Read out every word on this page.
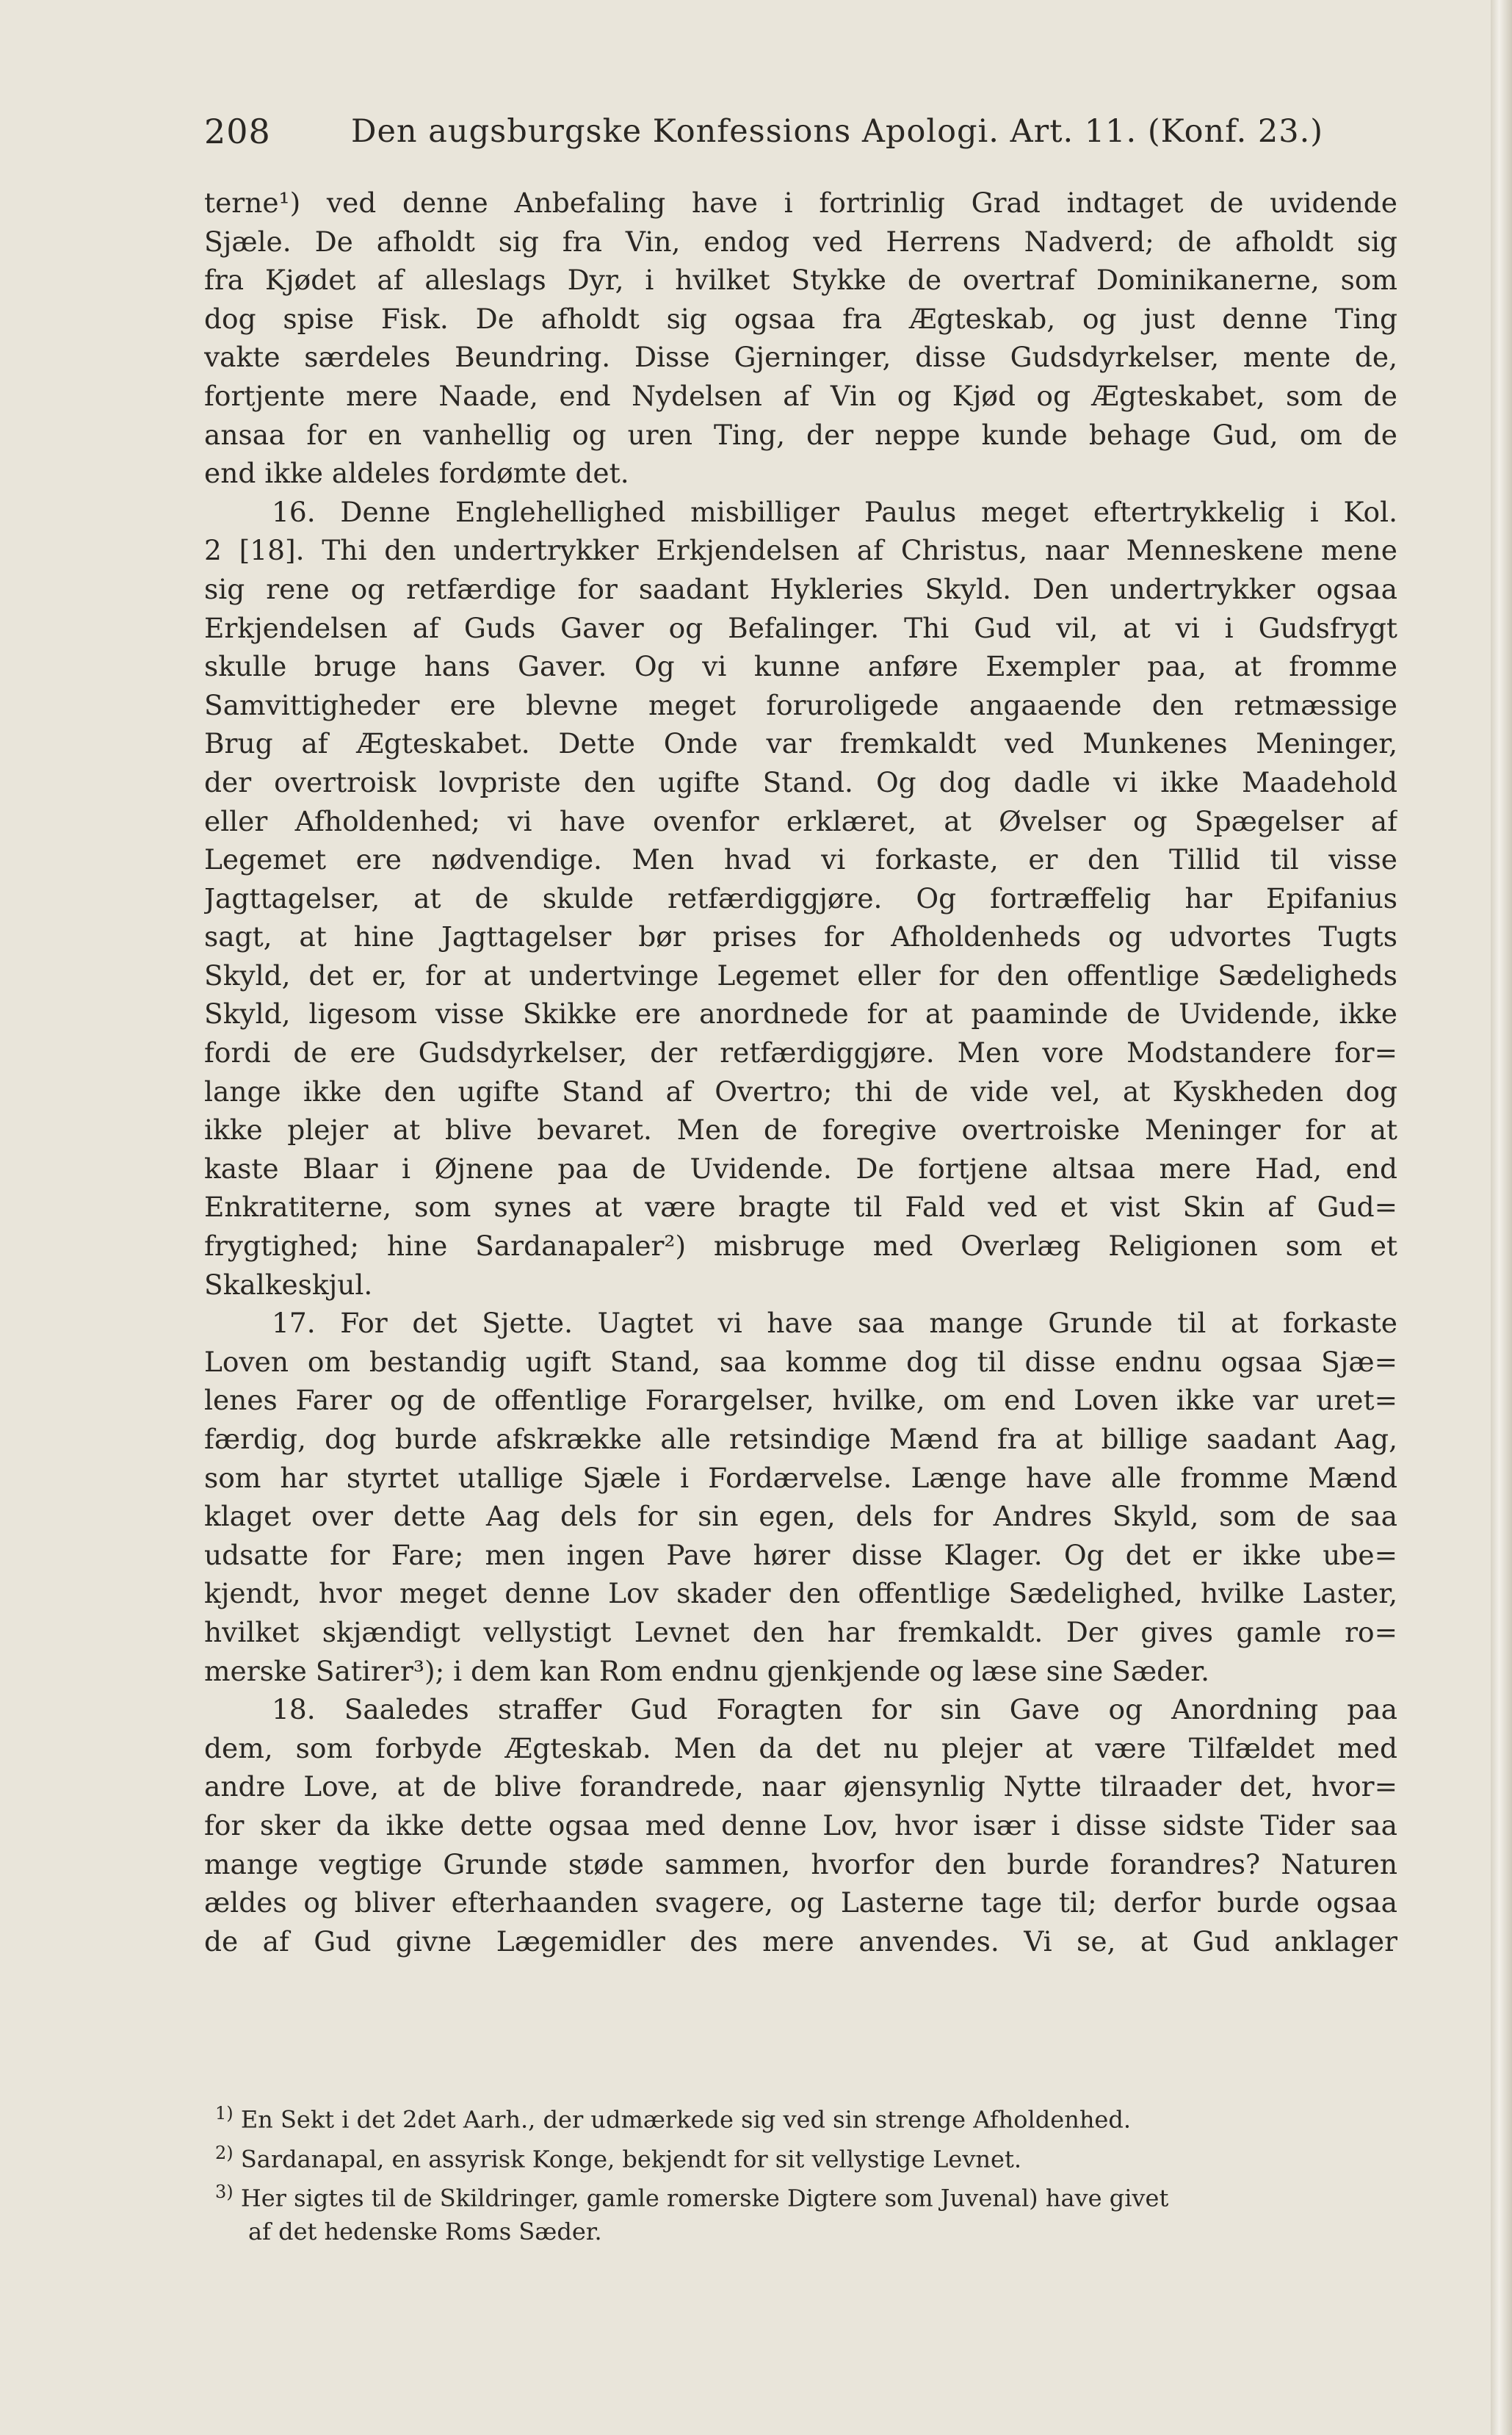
208	Den augsburgske Konfessions Apologi. Art. 11. (Konf. 23.)
terne¹) ved denne Anbefaling have i fortrinlig Grad indtaget de uvidende
Sjæle. De afholdt sig fra Vin, endog ved Herrens Nadverd; de afholdt sig
fra Kjødet af alleslags Dyr, i hvilket Stykke de overtraf Dominikanerne, som
dog spise Fisk. De afholdt sig ogsaa fra Ægteskab, og just denne Ting
vakte særdeles Beundring. Disse Gjerninger, disse Gudsdyrkelser, mente de,
fortjente mere Naade, end Nydelsen af Vin og Kjød og Ægteskabet, som de
ansaa for en vanhellig og uren Ting, der neppe kunde behage Gud, om de
end ikke aldeles fordømte det.
16. Denne Englehellighed misbilliger Paulus meget eftertrykkelig i Kol.
2 [18]. Thi den undertrykker Erkjendelsen af Christus, naar Menneskene mene
sig rene og retfærdige for saadant Hykleries Skyld. Den undertrykker ogsaa
Erkjendelsen af Guds Gaver og Befalinger. Thi Gud vil, at vi i Gudsfrygt
skulle bruge hans Gaver. Og vi kunne anføre Exempler paa, at fromme
Samvittigheder ere blevne meget foruroligede angaaende den retmæssige
Brug af Ægteskabet. Dette Onde var fremkaldt ved Munkenes Meninger,
der overtroisk lovpriste den ugifte Stand. Og dog dadle vi ikke Maadehold
eller Afholdenhed; vi have ovenfor erklæret, at Øvelser og Spægelser af
Legemet ere nødvendige. Men hvad vi forkaste, er den Tillid til visse
Jagttagelser, at de skulde retfærdiggjøre. Og fortræffelig har Epifanius
sagt, at hine Jagttagelser bør prises for Afholdenheds og udvortes Tugts
Skyld, det er, for at undertvinge Legemet eller for den offentlige Sædeligheds
Skyld, ligesom visse Skikke ere anordnede for at paaminde de Uvidende, ikke
fordi de ere Gudsdyrkelser, der retfærdiggjøre. Men vore Modstandere for=
lange ikke den ugifte Stand af Overtro; thi de vide vel, at Kyskheden dog
ikke plejer at blive bevaret. Men de foregive overtroiske Meninger for at
kaste Blaar i Øjnene paa de Uvidende. De fortjene altsaa mere Had, end
Enkratiterne, som synes at være bragte til Fald ved et vist Skin af Gud=
frygtighed; hine Sardanapaler²) misbruge med Overlæg Religionen som et
Skalkeskjul.
17. For det Sjette. Uagtet vi have saa mange Grunde til at forkaste
Loven om bestandig ugift Stand, saa komme dog til disse endnu ogsaa Sjæ=
lenes Farer og de offentlige Forargelser, hvilke, om end Loven ikke var uret=
færdig, dog burde afskrække alle retsindige Mænd fra at billige saadant Aag,
som har styrtet utallige Sjæle i Fordærvelse. Længe have alle fromme Mænd
klaget over dette Aag dels for sin egen, dels for Andres Skyld, som de saa
udsatte for Fare; men ingen Pave hører disse Klager. Og det er ikke ube=
kjendt, hvor meget denne Lov skader den offentlige Sædelighed, hvilke Laster,
hvilket skjændigt vellystigt Levnet den har fremkaldt. Der gives gamle ro=
merske Satirer³); i dem kan Rom endnu gjenkjende og læse sine Sæder.
18. Saaledes straffer Gud Foragten for sin Gave og Anordning paa
dem, som forbyde Ægteskab. Men da det nu plejer at være Tilfældet med
andre Love, at de blive forandrede, naar øjensynlig Nytte tilraader det, hvor=
for sker da ikke dette ogsaa med denne Lov, hvor især i disse sidste Tider saa
mange vegtige Grunde støde sammen, hvorfor den burde forandres? Naturen
ældes og bliver efterhaanden svagere, og Lasterne tage til; derfor burde ogsaa
de af Gud givne Lægemidler des mere anvendes. Vi se, at Gud anklager
$^{1)}$ En Sekt i det 2det Aarh., der udmærkede sig ved sin strenge Afholdenhed.
$^{2)}$ Sardanapal, en assyrisk Konge, bekjendt for sit vellystige Levnet.
$^{3)}$ Her sigtes til de Skildringer, gamle romerske Digtere som Juvenal) have givet
af det hedenske Roms Sæder.
